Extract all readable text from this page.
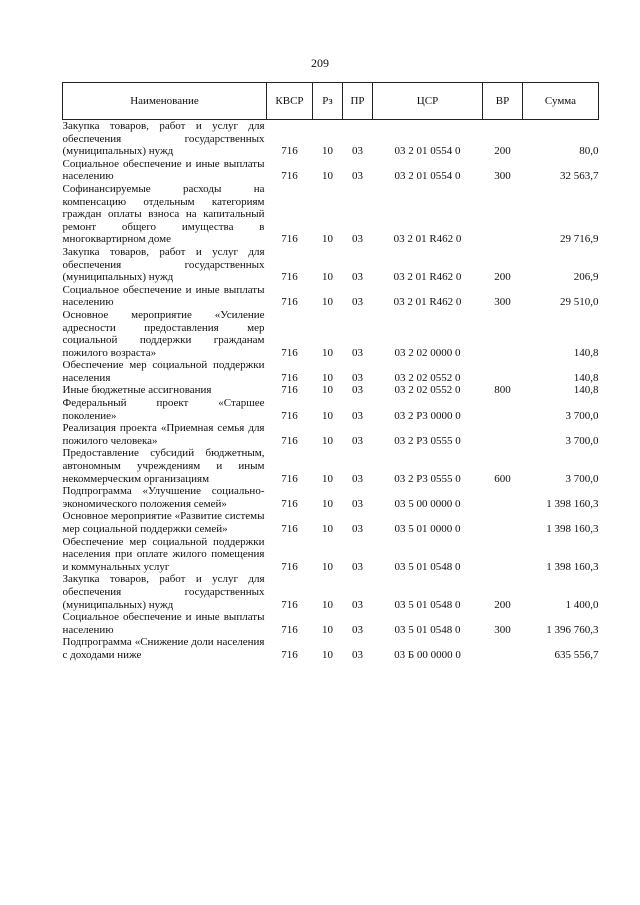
209
Наименование	КВСР	Рз	ПР	ЦСР	ВР	Сумма
Закупка товаров, работ и услуг для обеспечения государственных (муниципальных) нужд	716	10	03	03 2 01 0554 0	200	80,0
Социальное обеспечение и иные выплаты населению	716	10	03	03 2 01 0554 0	300	32 563,7
Софинансируемые расходы на компенсацию отдельным категориям граждан оплаты взноса на капитальный ремонт общего имущества в многоквартирном доме	716	10	03	03 2 01 R462 0		29 716,9
Закупка товаров, работ и услуг для обеспечения государственных (муниципальных) нужд	716	10	03	03 2 01 R462 0	200	206,9
Социальное обеспечение и иные выплаты населению	716	10	03	03 2 01 R462 0	300	29 510,0
Основное мероприятие «Усиление адресности предоставления мер социальной поддержки гражданам пожилого возраста»	716	10	03	03 2 02 0000 0		140,8
Обеспечение мер социальной поддержки населения	716	10	03	03 2 02 0552 0		140,8
Иные бюджетные ассигнования	716	10	03	03 2 02 0552 0	800	140,8
Федеральный проект «Старшее поколение»	716	10	03	03 2 P3 0000 0		3 700,0
Реализация проекта «Приемная семья для пожилого человека»	716	10	03	03 2 P3 0555 0		3 700,0
Предоставление субсидий бюджетным, автономным учреждениям и иным некоммерческим организациям	716	10	03	03 2 P3 0555 0	600	3 700,0
Подпрограмма «Улучшение социально-экономического положения семей»	716	10	03	03 5 00 0000 0		1 398 160,3
Основное мероприятие «Развитие системы мер социальной поддержки семей»	716	10	03	03 5 01 0000 0		1 398 160,3
Обеспечение мер социальной поддержки населения при оплате жилого помещения и коммунальных услуг	716	10	03	03 5 01 0548 0		1 398 160,3
Закупка товаров, работ и услуг для обеспечения государственных (муниципальных) нужд	716	10	03	03 5 01 0548 0	200	1 400,0
Социальное обеспечение и иные выплаты населению	716	10	03	03 5 01 0548 0	300	1 396 760,3
Подпрограмма «Снижение доли населения с доходами ниже	716	10	03	03 Б 00 0000 0		635 556,7
